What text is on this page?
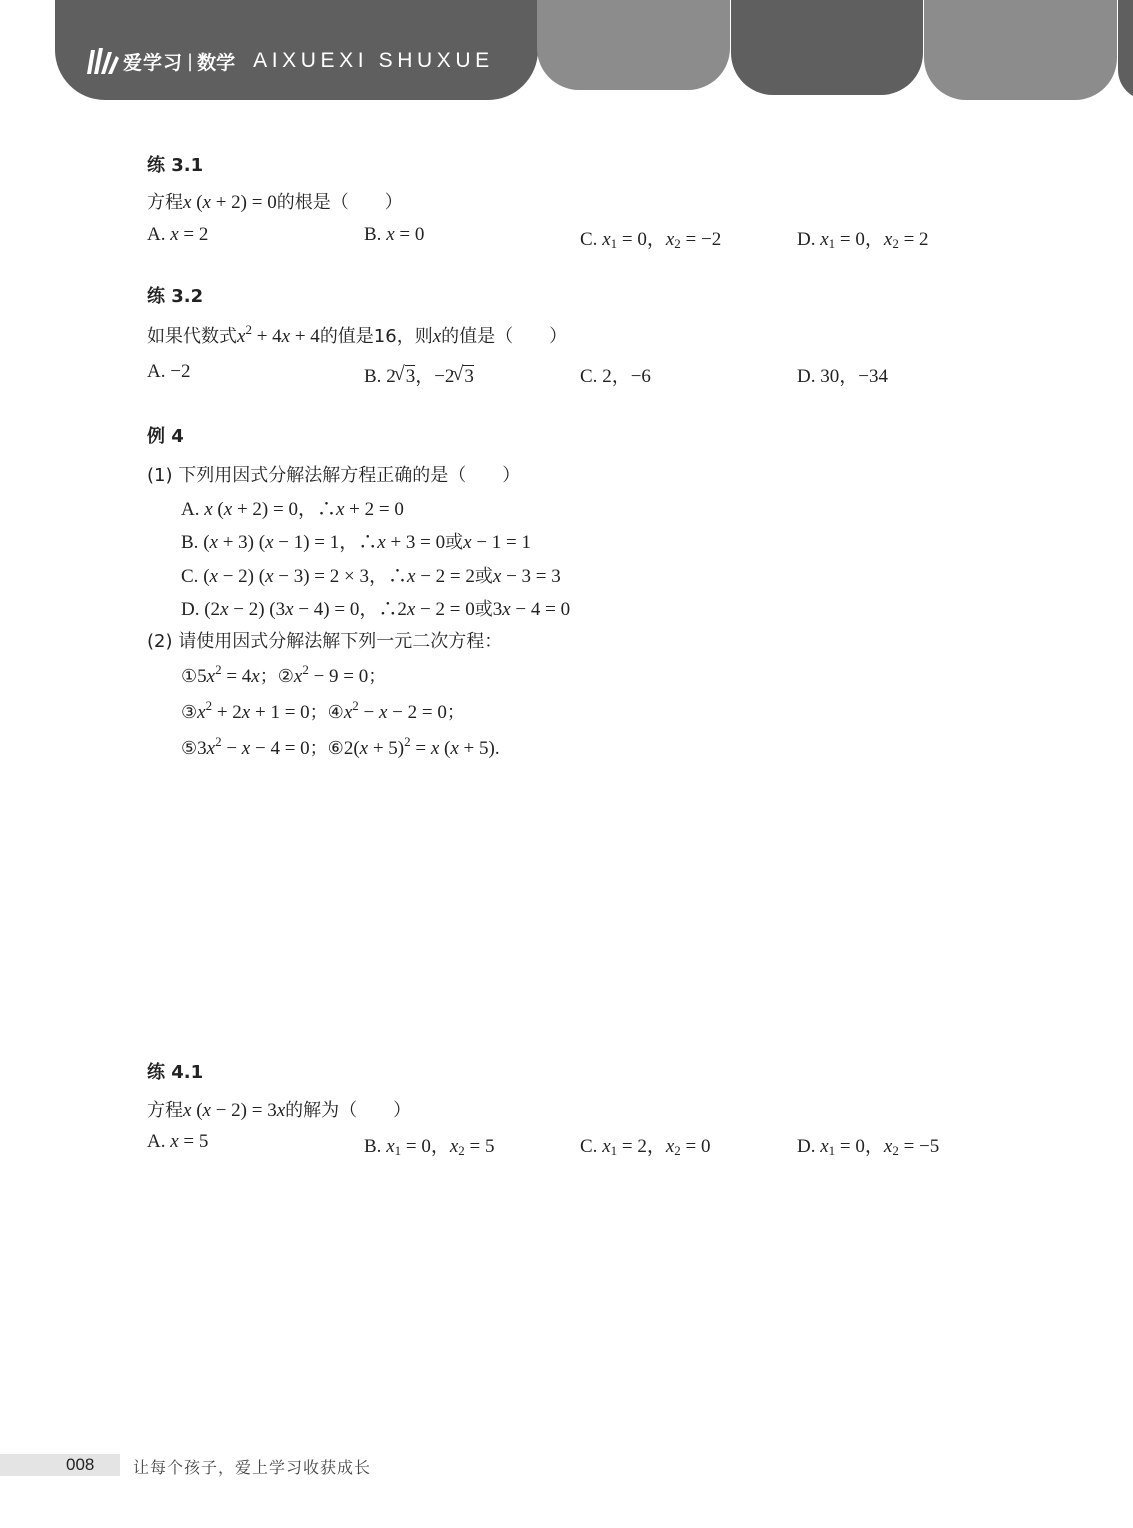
爱学习 | 数学 AIXUEXI SHUXUE
练 3.1
方程x (x + 2) = 0的根是（　　）
A. x = 2	B. x = 0	C. $x_1 = 0$，$x_2 = -2$	D. $x_1 = 0$，$x_2 = 2$
练 3.2
如果代数式$x^2 + 4x + 4$的值是16，则x的值是（　　）
A. −2	B. 2 √ 3，−2 √ 3	C. 2，−6	D. 30，−34
例 4
(1) 下列用因式分解法解方程正确的是（　　）
A. x (x + 2) = 0，∴x + 2 = 0
B. (x + 3) (x − 1) = 1，∴x + 3 = 0或x − 1 = 1
C. (x − 2) (x − 3) = 2 × 3，∴x − 2 = 2或x − 3 = 3
D. (2x − 2) (3x − 4) = 0，∴2x − 2 = 0或3x − 4 = 0
(2) 请使用因式分解法解下列一元二次方程：
$①5x^2 = 4x$；$②x^2 - 9 = 0$；
$③x^2 + 2x + 1 = 0$；$④x^2 - x - 2 = 0$；
$⑤3x^2 - x - 4 = 0$；⑥2(x + 5)$^2$ = x (x + 5).
练 4.1
方程x (x − 2) = 3x的解为（　　）
A. x = 5	B. $x_1 = 0$，$x_2 = 5$	C. $x_1 = 2$，$x_2 = 0$	D. $x_1 = 0$，$x_2 = -5$
008 让每个孩子，爱上学习收获成长
